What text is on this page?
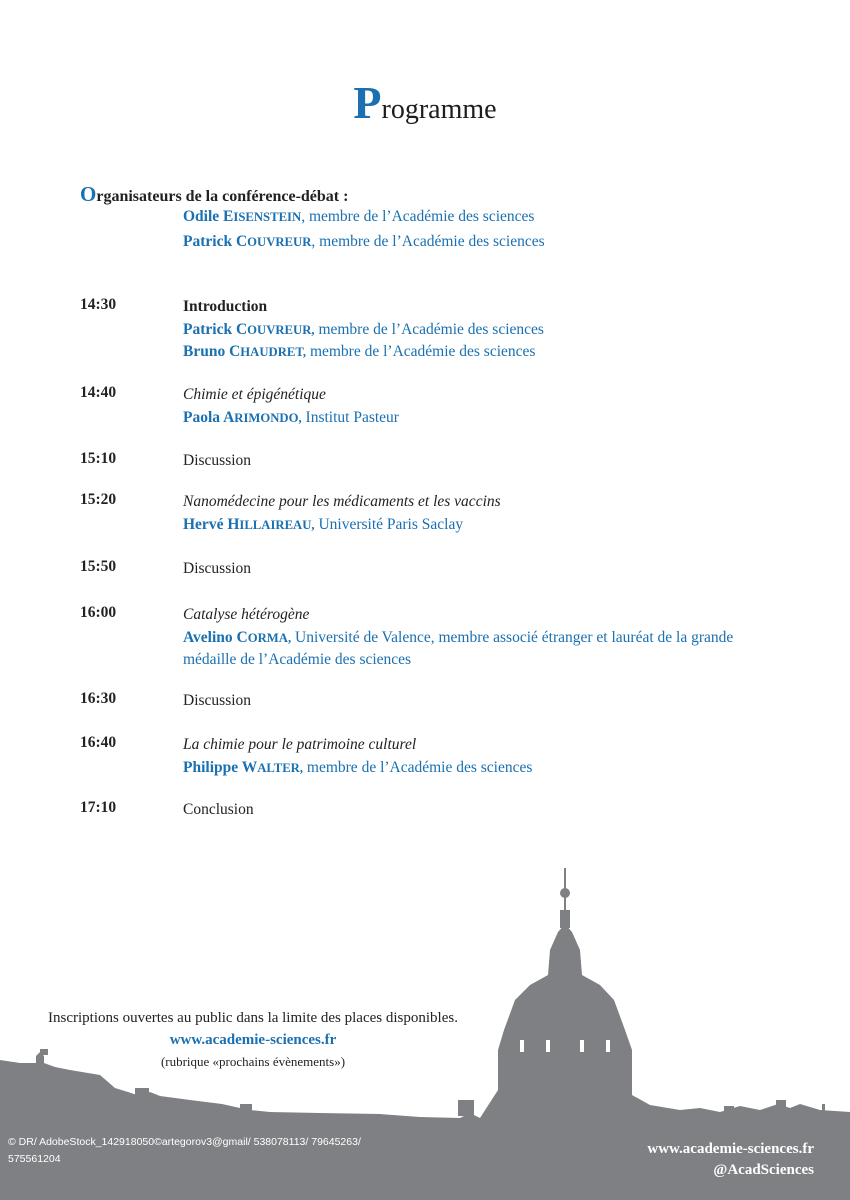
Programme
Organisateurs de la conférence-débat :
Odile EISENSTEIN, membre de l’Académie des sciences
Patrick COUVREUR, membre de l’Académie des sciences
14:30	Introduction
Patrick COUVREUR, membre de l’Académie des sciences
Bruno CHAUDRET, membre de l’Académie des sciences
14:40	Chimie et épigénétique
Paola ARIMONDO, Institut Pasteur
15:10	Discussion
15:20	Nanomédecine pour les médicaments et les vaccins
Hervé HILLAIREAU, Université Paris Saclay
15:50	Discussion
16:00	Catalyse hétérogène
Avelino CORMA, Université de Valence, membre associé étranger et lauréat de la grande médaille de l’Académie des sciences
16:30	Discussion
16:40	La chimie pour le patrimoine culturel
Philippe WALTER, membre de l’Académie des sciences
17:10	Conclusion
Inscriptions ouvertes au public dans la limite des places disponibles.
www.academie-sciences.fr
(rubrique «prochains évènements»)
© DR/ AdobeStock_142918050©artegorov3@gmail/ 538078113/ 79645263/ 575561204
www.academie-sciences.fr
@AcadSciences
